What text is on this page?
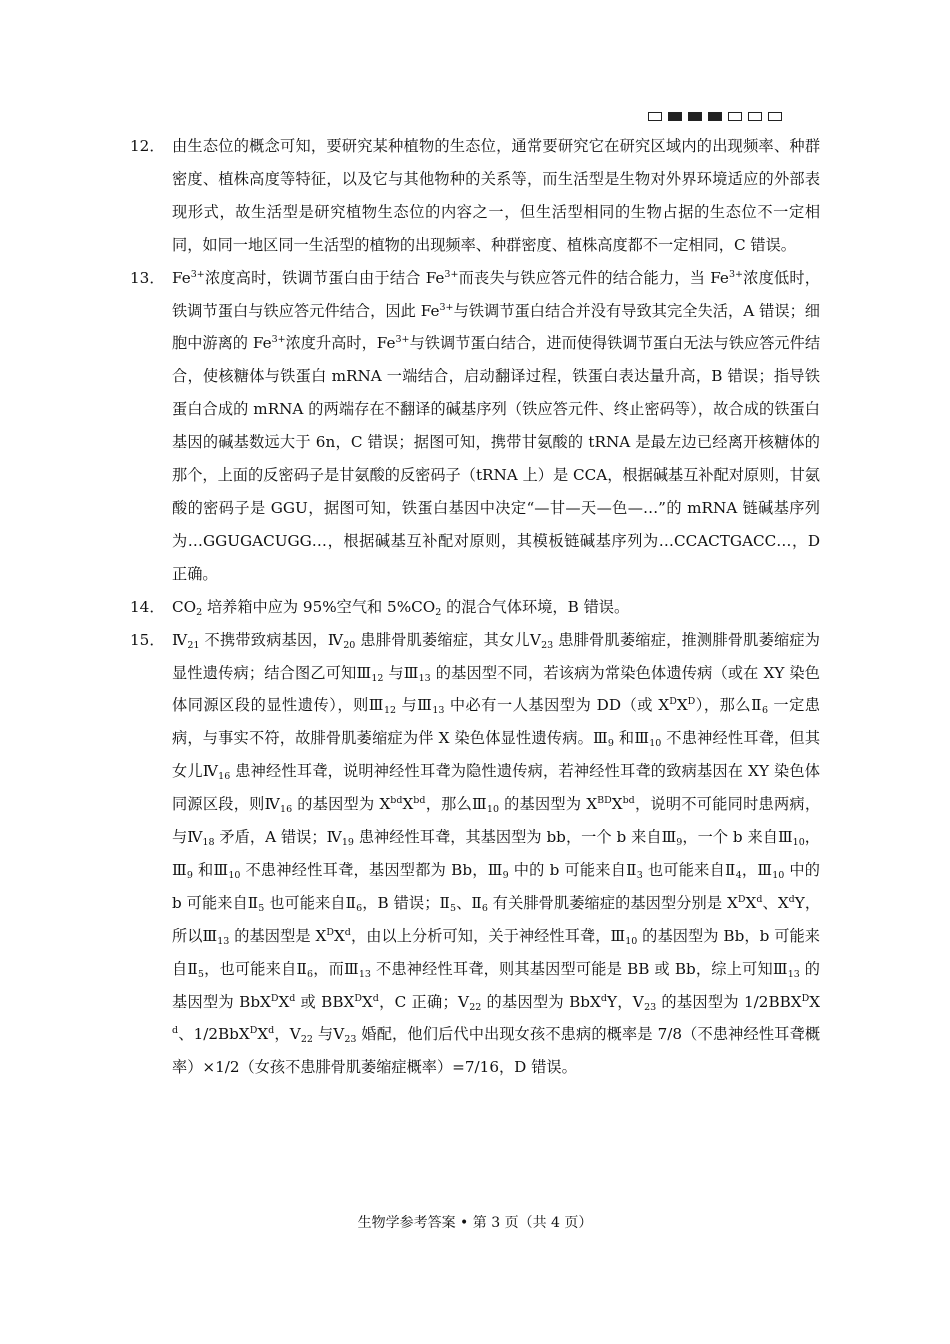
12． 由生态位的概念可知，要研究某种植物的生态位，通常要研究它在研究区域内的出现频率、种群密度、植株高度等特征，以及它与其他物种的关系等，而生活型是生物对外界环境适应的外部表现形式，故生活型是研究植物生态位的内容之一，但生活型相同的生物占据的生态位不一定相同，如同一地区同一生活型的植物的出现频率、种群密度、植株高度都不一定相同，C 错误。
13． $Fe^{3+}$浓度高时，铁调节蛋白由于结合 $Fe^{3+}$而丧失与铁应答元件的结合能力，当 $Fe^{3+}$浓度低时，铁调节蛋白与铁应答元件结合，因此 $Fe^{3+}$与铁调节蛋白结合并没有导致其完全失活，A 错误；细胞中游离的 $Fe^{3+}$浓度升高时，$Fe^{3+}$与铁调节蛋白结合，进而使得铁调节蛋白无法与铁应答元件结合，使核糖体与铁蛋白 mRNA 一端结合，启动翻译过程，铁蛋白表达量升高，B 错误；指导铁蛋白合成的 mRNA 的两端存在不翻译的碱基序列（铁应答元件、终止密码等），故合成的铁蛋白基因的碱基数远大于 6n，C 错误；据图可知，携带甘氨酸的 tRNA 是最左边已经离开核糖体的那个，上面的反密码子是甘氨酸的反密码子（tRNA 上）是 CCA，根据碱基互补配对原则，甘氨酸的密码子是 GGU，据图可知，铁蛋白基因中决定“—甘—天—色—…”的 mRNA 链碱基序列为…GGUGACUGG…，根据碱基互补配对原则，其模板链碱基序列为…CCACTGACC…，D 正确。
14． $CO_2$ 培养箱中应为 95%空气和 $5\%CO_2$ 的混合气体环境，B 错误。
15． $Ⅳ_{21}$ 不携带致病基因，$Ⅳ_{20}$ 患腓骨肌萎缩症，其女儿$Ⅴ_{23}$ 患腓骨肌萎缩症，推测腓骨肌萎缩症为显性遗传病；结合图乙可知$Ⅲ_{12}$ 与$Ⅲ_{13}$ 的基因型不同，若该病为常染色体遗传病（或在 XY 染色体同源区段的显性遗传），则$Ⅲ_{12}$ 与$Ⅲ_{13}$ 中必有一人基因型为 DD（或 $X^DX^D$），那么$Ⅱ_6$ 一定患病，与事实不符，故腓骨肌萎缩症为伴 X 染色体显性遗传病。$Ⅲ_9$ 和$Ⅲ_{10}$ 不患神经性耳聋，但其女儿$Ⅳ_{16}$ 患神经性耳聋，说明神经性耳聋为隐性遗传病，若神经性耳聋的致病基因在 XY 染色体同源区段，则$Ⅳ_{16}$ 的基因型为 $X^{bd}X^{bd}$，那么$Ⅲ_{10}$ 的基因型为 $X^{BD}X^{bd}$，说明不可能同时患两病，与$Ⅳ_{18}$ 矛盾，A 错误；$Ⅳ_{19}$ 患神经性耳聋，其基因型为 bb，一个 b 来自$Ⅲ_9$，一个 b 来自$Ⅲ_{10}$，$Ⅲ_9$ 和$Ⅲ_{10}$ 不患神经性耳聋，基因型都为 Bb，$Ⅲ_9$ 中的 b 可能来自$Ⅱ_3$ 也可能来自$Ⅱ_4$，$Ⅲ_{10}$ 中的 b 可能来自$Ⅱ_5$ 也可能来自$Ⅱ_6$，B 错误；$Ⅱ_5$、$Ⅱ_6$ 有关腓骨肌萎缩症的基因型分别是 $X^DX^d$、$X^dY$，所以$Ⅲ_{13}$ 的基因型是 $X^DX^d$，由以上分析可知，关于神经性耳聋，$Ⅲ_{10}$ 的基因型为 Bb，b 可能来自$Ⅱ_5$，也可能来自$Ⅱ_6$，而$Ⅲ_{13}$ 不患神经性耳聋，则其基因型可能是 BB 或 Bb，综上可知$Ⅲ_{13}$ 的基因型为 $BbX^DX^d$ 或 $BBX^DX^d$，C 正确；$Ⅴ_{22}$ 的基因型为 BbX$^d$Y，$Ⅴ_{23}$ 的基因型为 $1/2BBX^DX^d$、$1/2BbX^DX^d$，$Ⅴ_{22}$ 与$Ⅴ_{23}$ 婚配，他们后代中出现女孩不患病的概率是 7/8（不患神经性耳聋概率）×1/2（女孩不患腓骨肌萎缩症概率）=7/16，D 错误。
生物学参考答案 • 第 3 页（共 4 页）
